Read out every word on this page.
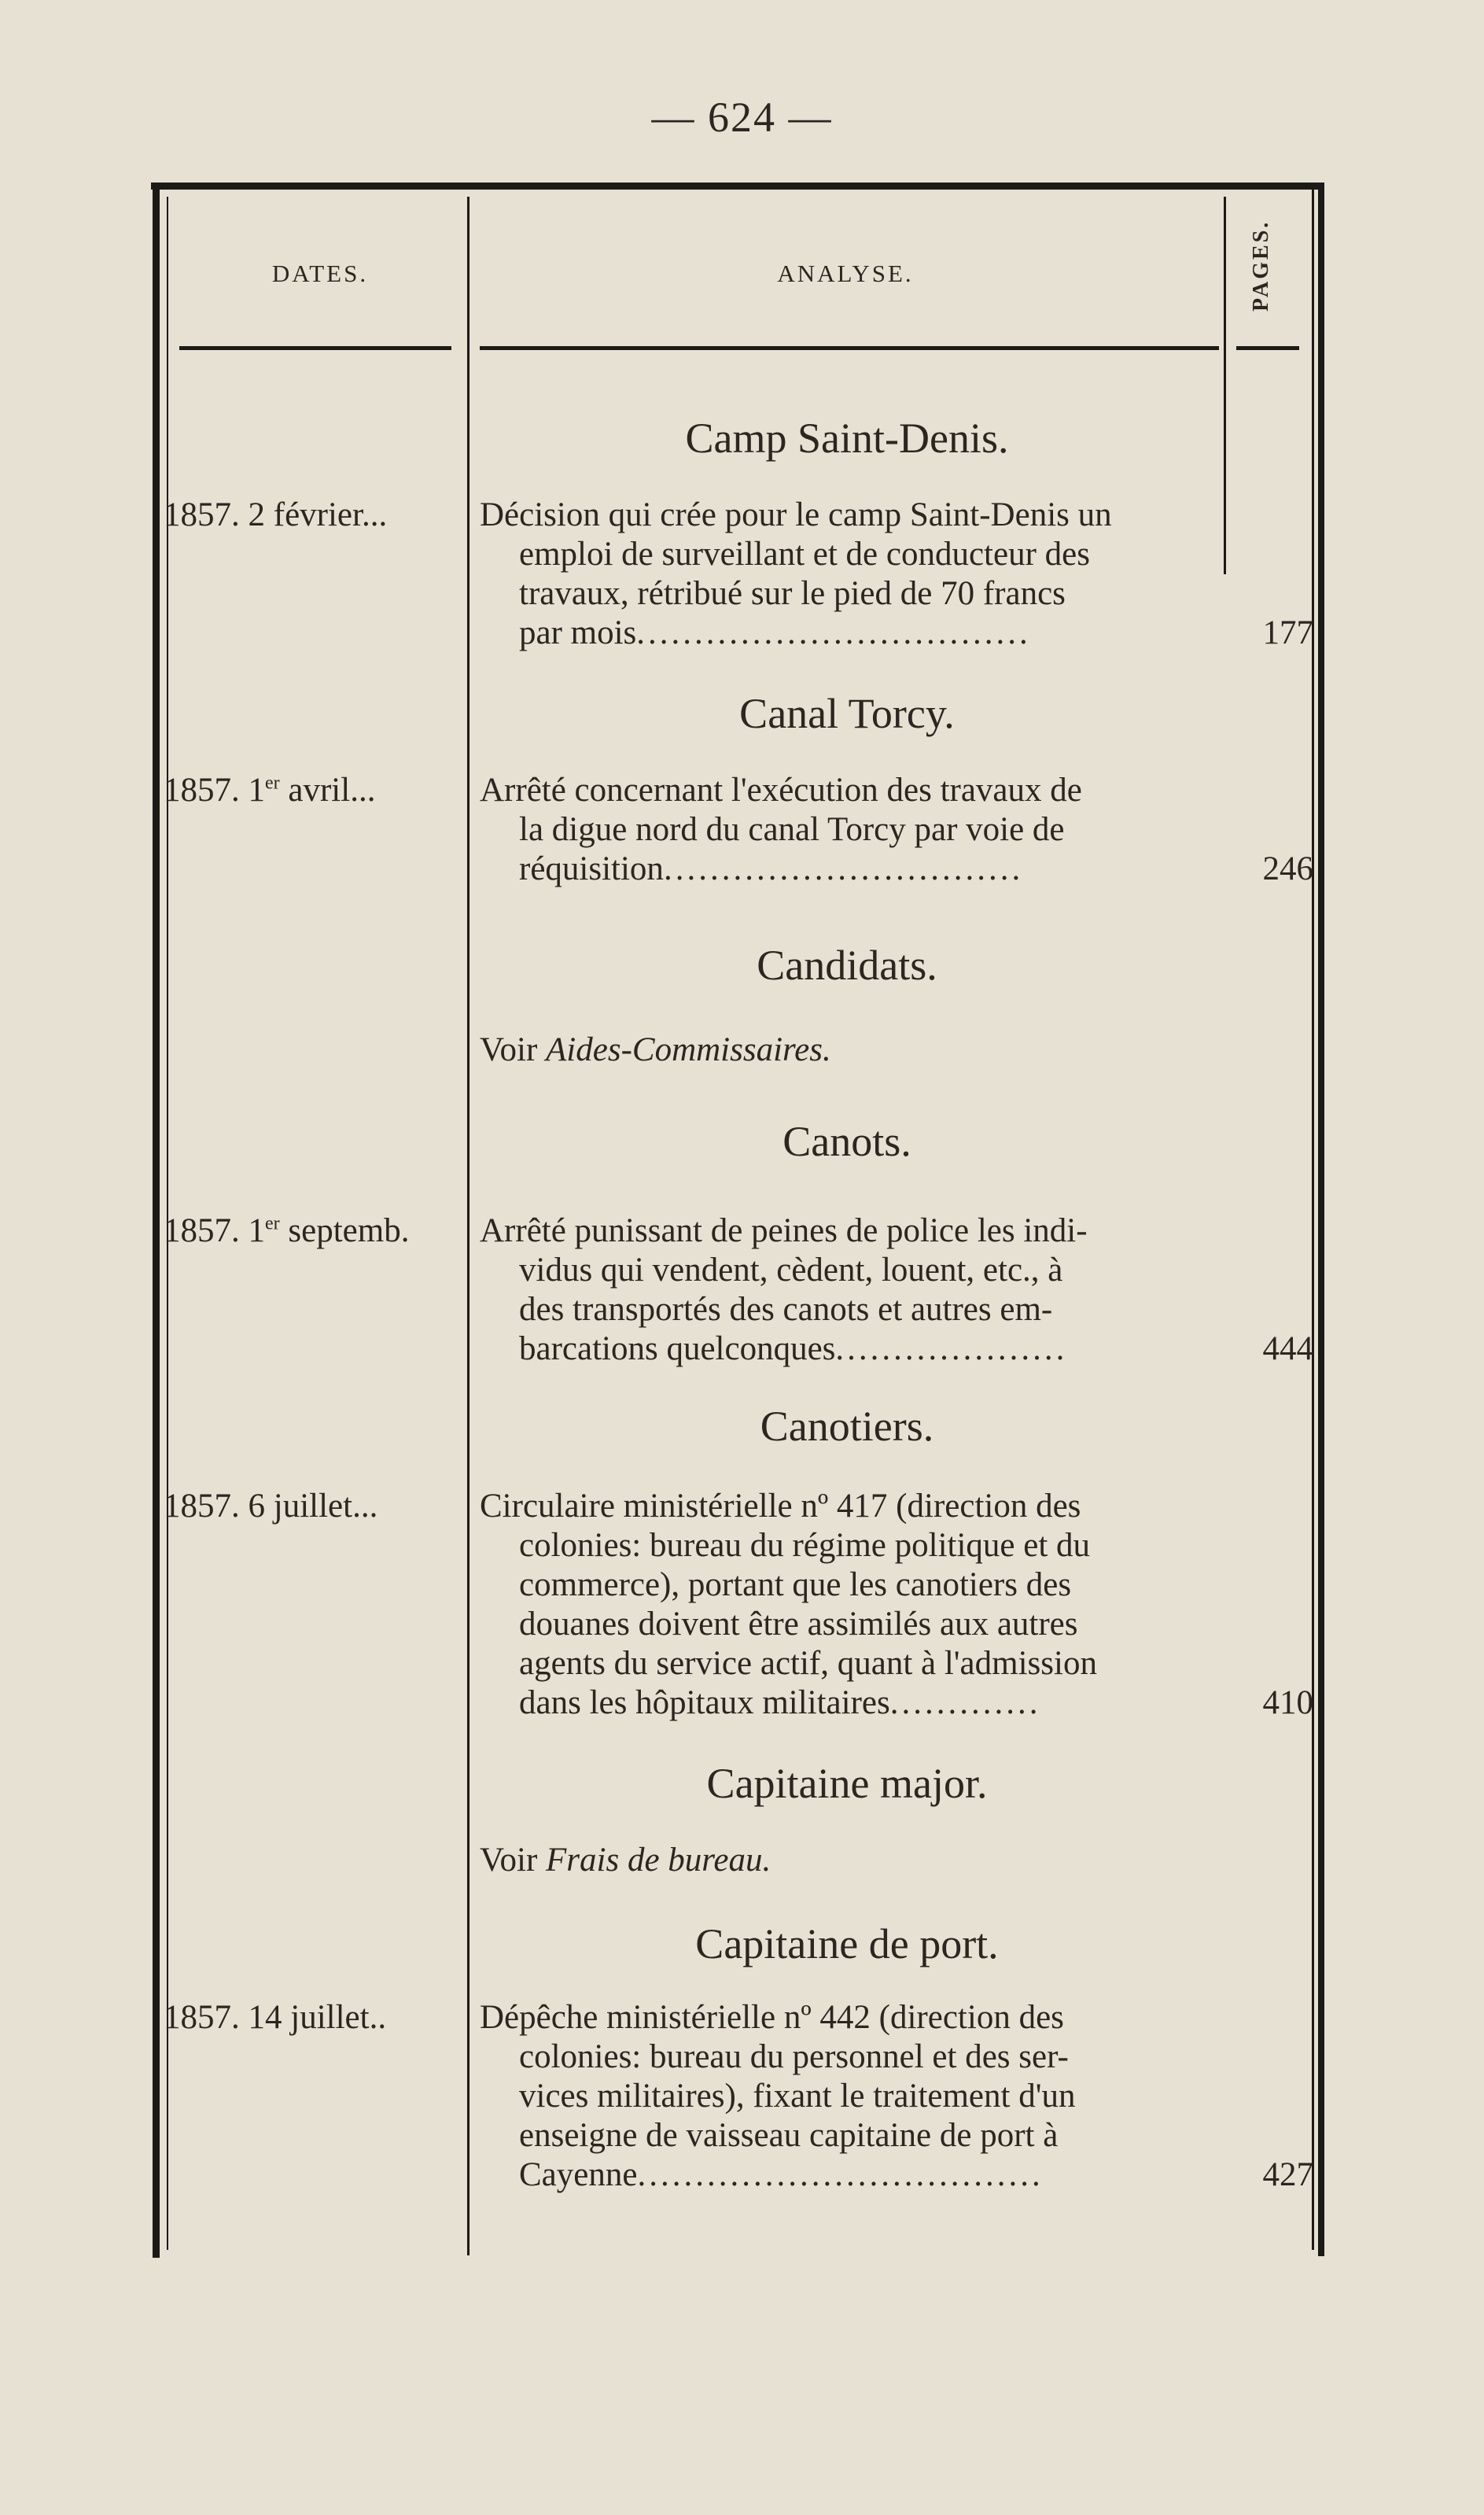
— 624 —
DATES.	ANALYSE.	PAGES.
Camp Saint-Denis.
1857. 2 février...	Décision qui crée pour le camp Saint-Denis un
emploi de surveillant et de conducteur des
travaux, rétribué sur le pied de 70 francs
par mois..................................	177
Canal Torcy.
1857. 1er avril...	Arrêté concernant l'exécution des travaux de
la digue nord du canal Torcy par voie de
réquisition...............................	246
Candidats.
Voir Aides-Commissaires.
Canots.
1857. 1er septemb.	Arrêté punissant de peines de police les indi-
vidus qui vendent, cèdent, louent, etc., à
des transportés des canots et autres em-
barcations quelconques....................	444
Canotiers.
1857. 6 juillet...	Circulaire ministérielle nº 417 (direction des
colonies: bureau du régime politique et du
commerce), portant que les canotiers des
douanes doivent être assimilés aux autres
agents du service actif, quant à l'admission
dans les hôpitaux militaires.............	410
Capitaine major.
Voir Frais de bureau.
Capitaine de port.
1857. 14 juillet..	Dépêche ministérielle nº 442 (direction des
colonies: bureau du personnel et des ser-
vices militaires), fixant le traitement d'un
enseigne de vaisseau capitaine de port à
Cayenne...................................	427
